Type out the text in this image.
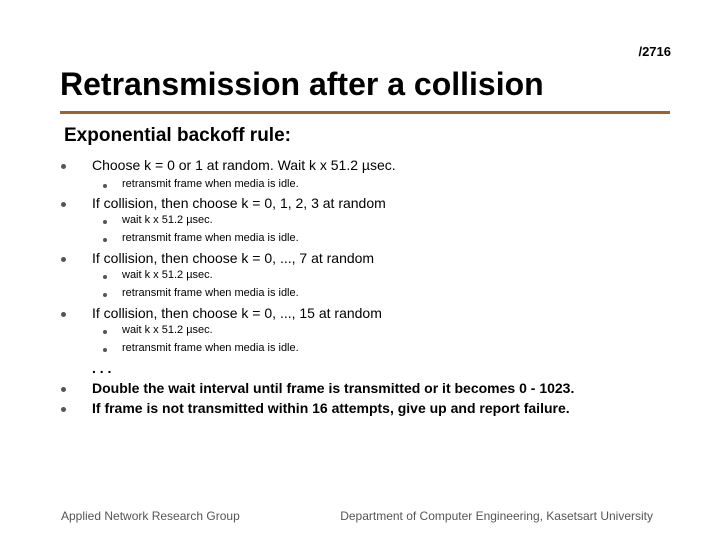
/2716
Retransmission after a collision
Exponential backoff rule:
Choose k = 0 or 1 at random. Wait k x 51.2 µsec.
retransmit frame when media is idle.
If collision, then choose k = 0, 1, 2, 3 at random
wait k x 51.2 µsec.
retransmit frame when media is idle.
If collision, then choose k = 0, ..., 7 at random
wait k x 51.2 µsec.
retransmit frame when media is idle.
If collision, then choose k = 0, ..., 15 at random
wait k x 51.2 µsec.
retransmit frame when media is idle.
. . .
Double the wait interval until frame is transmitted or it becomes 0 - 1023.
If frame is not transmitted within 16 attempts, give up and report failure.
Applied Network Research Group	Department of Computer Engineering, Kasetsart University
